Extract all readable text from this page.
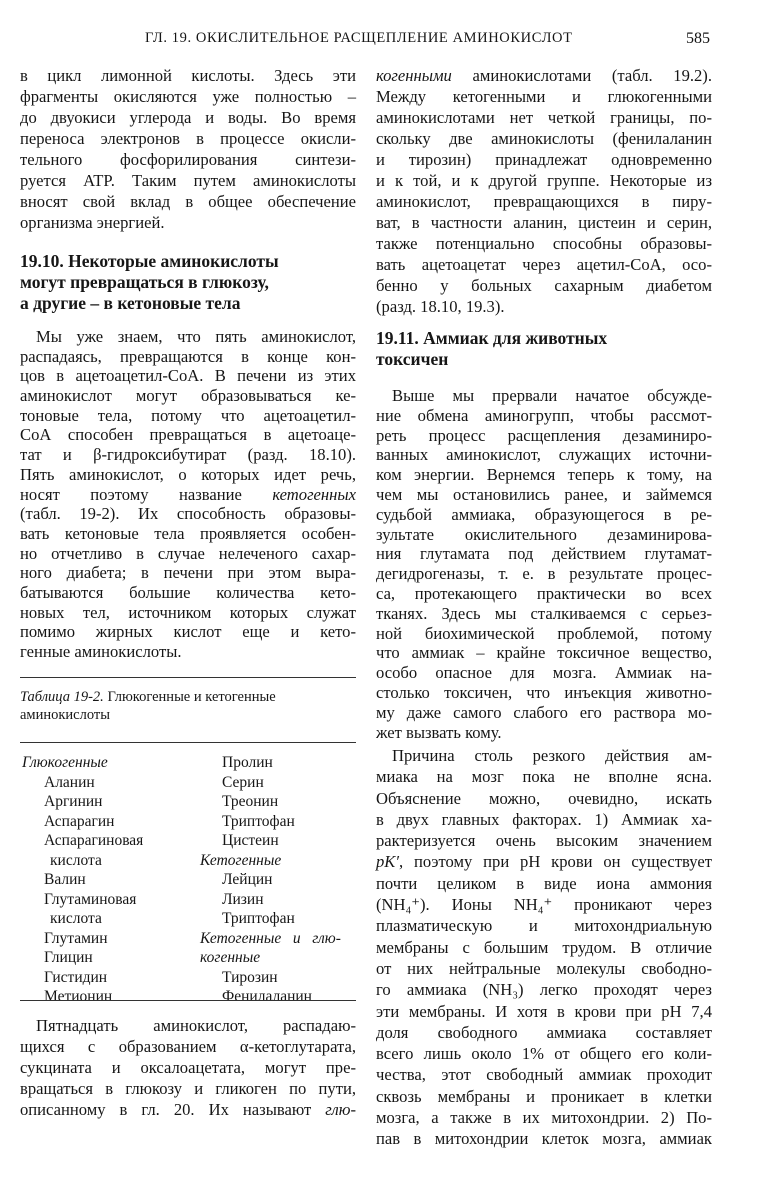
ГЛ. 19. ОКИСЛИТЕЛЬНОЕ РАСЩЕПЛЕНИЕ АМИНОКИСЛОТ	585
в цикл лимонной кислоты. Здесь эти
фрагменты окисляются уже полностью –
до двуокиси углерода и воды. Во время
переноса электронов в процессе окисли-
тельного фосфорилирования синтези-
руется ATP. Таким путем аминокислоты
вносят свой вклад в общее обеспечение
организма энергией.
19.10. Некоторые аминокислоты
могут превращаться в глюкозу,
а другие – в кетоновые тела
Мы уже знаем, что пять аминокислот,
распадаясь, превращаются в конце кон-
цов в ацетоацетил-СоА. В печени из этих
аминокислот могут образовываться ке-
тоновые тела, потому что ацетоацетил-
СоА способен превращаться в ацетоаце-
тат и β-гидроксибутират (разд. 18.10).
Пять аминокислот, о которых идет речь,
носят поэтому название кетогенных
(табл. 19-2). Их способность образовы-
вать кетоновые тела проявляется особен-
но отчетливо в случае нелеченого сахар-
ного диабета; в печени при этом выра-
батываются большие количества кето-
новых тел, источником которых служат
помимо жирных кислот еще и кето-
генные аминокислоты.
Таблица 19-2. Глюкогенные и кетогенные
аминокислоты
Глюкогенные
Аланин
Аргинин
Аспарагин
Аспарагиновая
кислота
Валин
Глутаминовая
кислота
Глутамин
Глицин
Гистидин
Метионин
Пролин
Серин
Треонин
Триптофан
Цистеин
Кетогенные
Лейцин
Лизин
Триптофан
Кетогенные   и   глю-
когенные
Тирозин
Фенилаланин
Пятнадцать аминокислот, распадаю-
щихся с образованием α-кетоглутарата,
сукцината и оксалоацетата, могут пре-
вращаться в глюкозу и гликоген по пути,
описанному в гл. 20. Их называют глю-
когенными аминокислотами (табл. 19.2).
Между кетогенными и глюкогенными
аминокислотами нет четкой границы, по-
скольку две аминокислоты (фенилаланин
и тирозин) принадлежат одновременно
и к той, и к другой группе. Некоторые из
аминокислот, превращающихся в пиру-
ват, в частности аланин, цистеин и серин,
также потенциально способны образовы-
вать ацетоацетат через ацетил-СоА, осо-
бенно у больных сахарным диабетом
(разд. 18.10, 19.3).
19.11. Аммиак для животных
токсичен
Выше мы прервали начатое обсужде-
ние обмена аминогрупп, чтобы рассмот-
реть процесс расщепления дезаминиро-
ванных аминокислот, служащих источни-
ком энергии. Вернемся теперь к тому, на
чем мы остановились ранее, и займемся
судьбой аммиака, образующегося в ре-
зультате окислительного дезаминирова-
ния глутамата под действием глутамат-
дегидрогеназы, т. е. в результате процес-
са, протекающего практически во всех
тканях. Здесь мы сталкиваемся с серьез-
ной биохимической проблемой, потому
что аммиак – крайне токсичное вещество,
особо опасное для мозга. Аммиак на-
столько токсичен, что инъекция животно-
му даже самого слабого его раствора мо-
жет вызвать кому.
Причина столь резкого действия ам-
миака на мозг пока не вполне ясна.
Объяснение можно, очевидно, искать
в двух главных факторах. 1) Аммиак ха-
рактеризуется очень высоким значением
pK′, поэтому при pH крови он существует
почти целиком в виде иона аммония
(NH₄⁺). Ионы NH₄⁺ проникают через
плазматическую и митохондриальную
мембраны с большим трудом. В отличие
от них нейтральные молекулы свободно-
го аммиака (NH₃) легко проходят через
эти мембраны. И хотя в крови при pH 7,4
доля свободного аммиака составляет
всего лишь около 1% от общего его коли-
чества, этот свободный аммиак проходит
сквозь мембраны и проникает в клетки
мозга, а также в их митохондрии. 2) По-
пав в митохондрии клеток мозга, аммиак
